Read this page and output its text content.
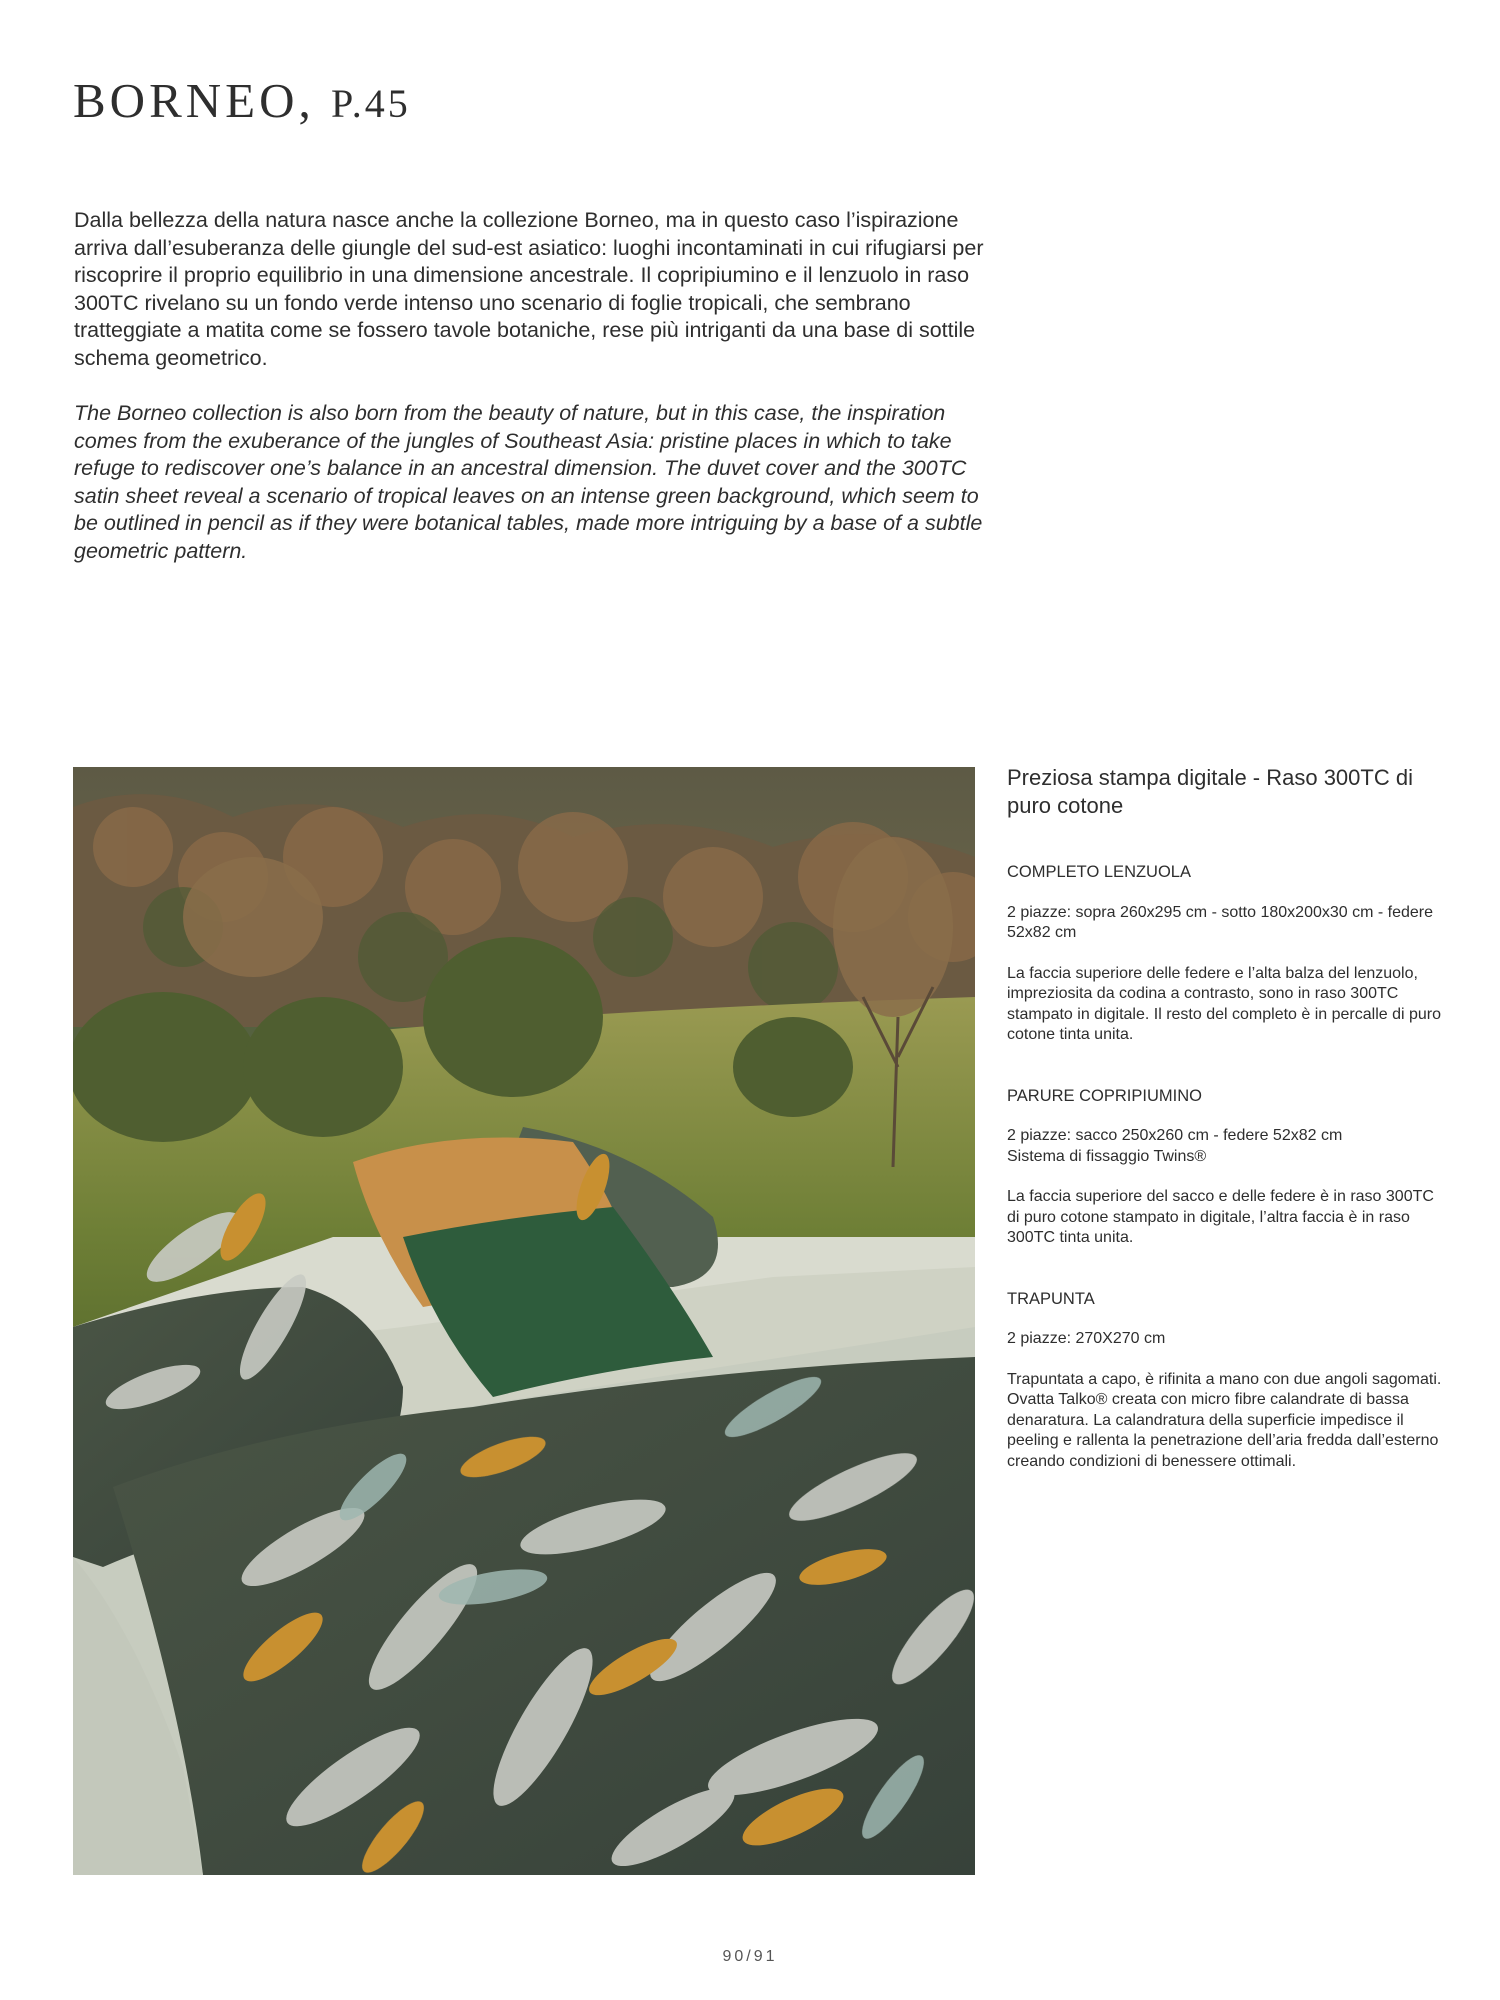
BORNEO, P.45

Dalla bellezza della natura nasce anche la collezione Borneo, ma in questo caso l’ispirazione arriva dall’esuberanza delle giungle del sud-est asiatico: luoghi incontaminati in cui rifugiarsi per riscoprire il proprio equilibrio in una dimensione ancestrale. Il copripiumino e il lenzuolo in raso 300TC rivelano su un fondo verde intenso uno scenario di foglie tropicali, che sembrano tratteggiate a matita come se fossero tavole botaniche, rese più intriganti da una base di sottile schema geometrico.

The Borneo collection is also born from the beauty of nature, but in this case, the inspiration comes from the exuberance of the jungles of Southeast Asia: pristine places in which to take refuge to rediscover one’s balance in an ancestral dimension. The duvet cover and the 300TC satin sheet reveal a scenario of tropical leaves on an intense green background, which seem to be outlined in pencil as if they were botanical tables, made more intriguing by a base of a subtle geometric pattern.

Preziosa stampa digitale - Raso 300TC di puro cotone

COMPLETO LENZUOLA

2 piazze: sopra 260x295 cm - sotto 180x200x30 cm - federe 52x82 cm

La faccia superiore delle federe e l’alta balza del lenzuolo, impreziosita da codina a contrasto, sono in raso 300TC stampato in digitale. Il resto del completo è in percalle di puro cotone tinta unita.

PARURE COPRIPIUMINO

2 piazze: sacco 250x260 cm - federe 52x82 cm
Sistema di fissaggio Twins®

La faccia superiore del sacco e delle federe è in raso 300TC
di puro cotone stampato in digitale, l’altra faccia è in raso 300TC tinta unita.

TRAPUNTA

2 piazze: 270X270 cm

Trapuntata a capo, è rifinita a mano con due angoli sagomati.
Ovatta Talko® creata con micro fibre calandrate di bassa denaratura. La calandratura della superficie impedisce il peeling e rallenta la penetrazione dell’aria fredda dall’esterno creando condizioni di benessere ottimali.

90/91
